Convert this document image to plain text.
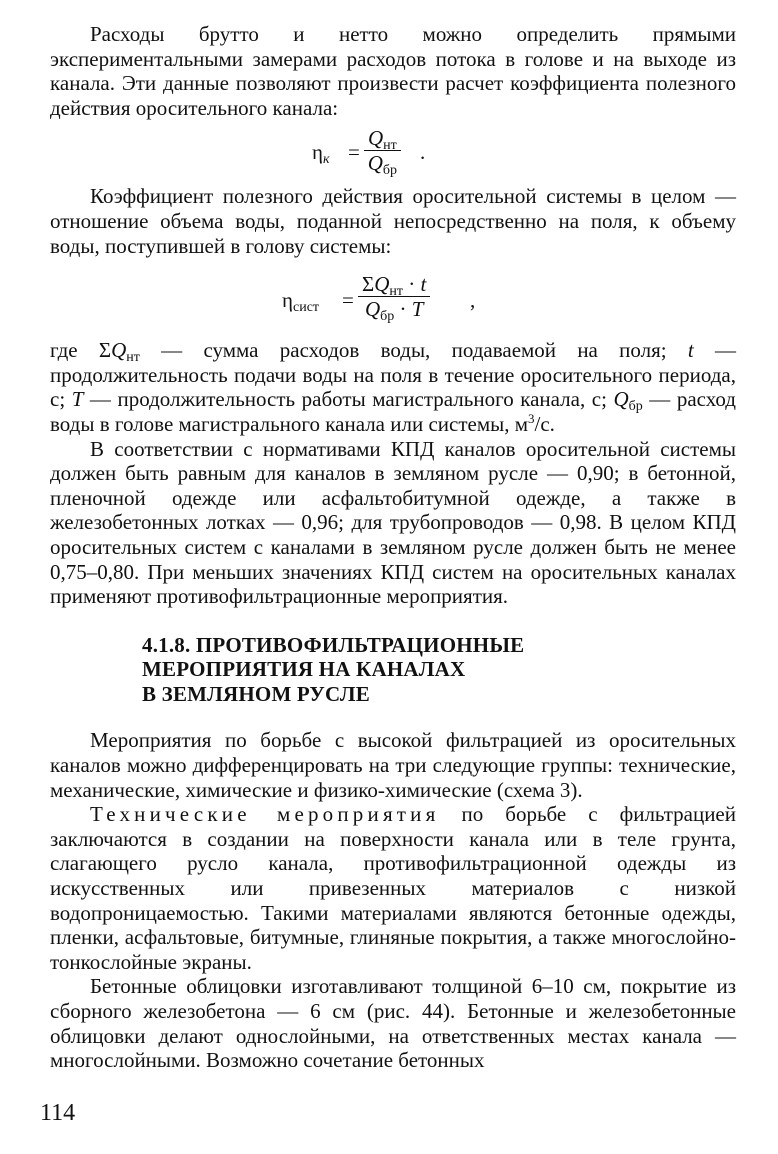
Расходы брутто и нетто можно определить прямыми экспериментальными замерами расходов потока в голове и на выходе из канала. Эти данные позволяют произвести расчет коэффициента полезного действия оросительного канала:

$\eta_к$ =
$Q_{нт}$
$Q_{бр}$
.

Коэффициент полезного действия оросительной системы в целом — отношение объема воды, поданной непосредственно на поля, к объему воды, поступившей в голову системы:

$\eta_{сист}$ =
$\Sigma Q_{нт} \cdot t$
$Q_{бр} \cdot T$	,

где $\Sigma Q_{нт}$ — сумма расходов воды, подаваемой на поля; t — продолжительность подачи воды на поля в течение оросительного периода, с; T — продолжительность работы магистрального канала, с; $Q_{бр}$ — расход воды в голове магистрального канала или системы, $м^3/с$.

В соответствии с нормативами КПД каналов оросительной системы должен быть равным для каналов в земляном русле — 0,90; в бетонной, пленочной одежде или асфальтобитумной одежде, а также в железобетонных лотках — 0,96; для трубопроводов — 0,98. В целом КПД оросительных систем с каналами в земляном русле должен быть не менее 0,75–0,80. При меньших значениях КПД систем на оросительных каналах применяют противофильтрационные мероприятия.

4.1.8. ПРОТИВОФИЛЬТРАЦИОННЫЕ
МЕРОПРИЯТИЯ НА КАНАЛАХ
В ЗЕМЛЯНОМ РУСЛЕ

Мероприятия по борьбе с высокой фильтрацией из оросительных каналов можно дифференцировать на три следующие группы: технические, механические, химические и физико-химические (схема 3).

Технические мероприятия по борьбе с фильтрацией заключаются в создании на поверхности канала или в теле грунта, слагающего русло канала, противофильтрационной одежды из искусственных или привезенных материалов с низкой водопроницаемостью. Такими материалами являются бетонные одежды, пленки, асфальтовые, битумные, глиняные покрытия, а также многослойно-тонкослойные экраны.

Бетонные облицовки изготавливают толщиной 6–10 см, покрытие из сборного железобетона — 6 см (рис. 44). Бетонные и железобетонные облицовки делают однослойными, на ответственных местах канала — многослойными. Возможно сочетание бетонных

114
